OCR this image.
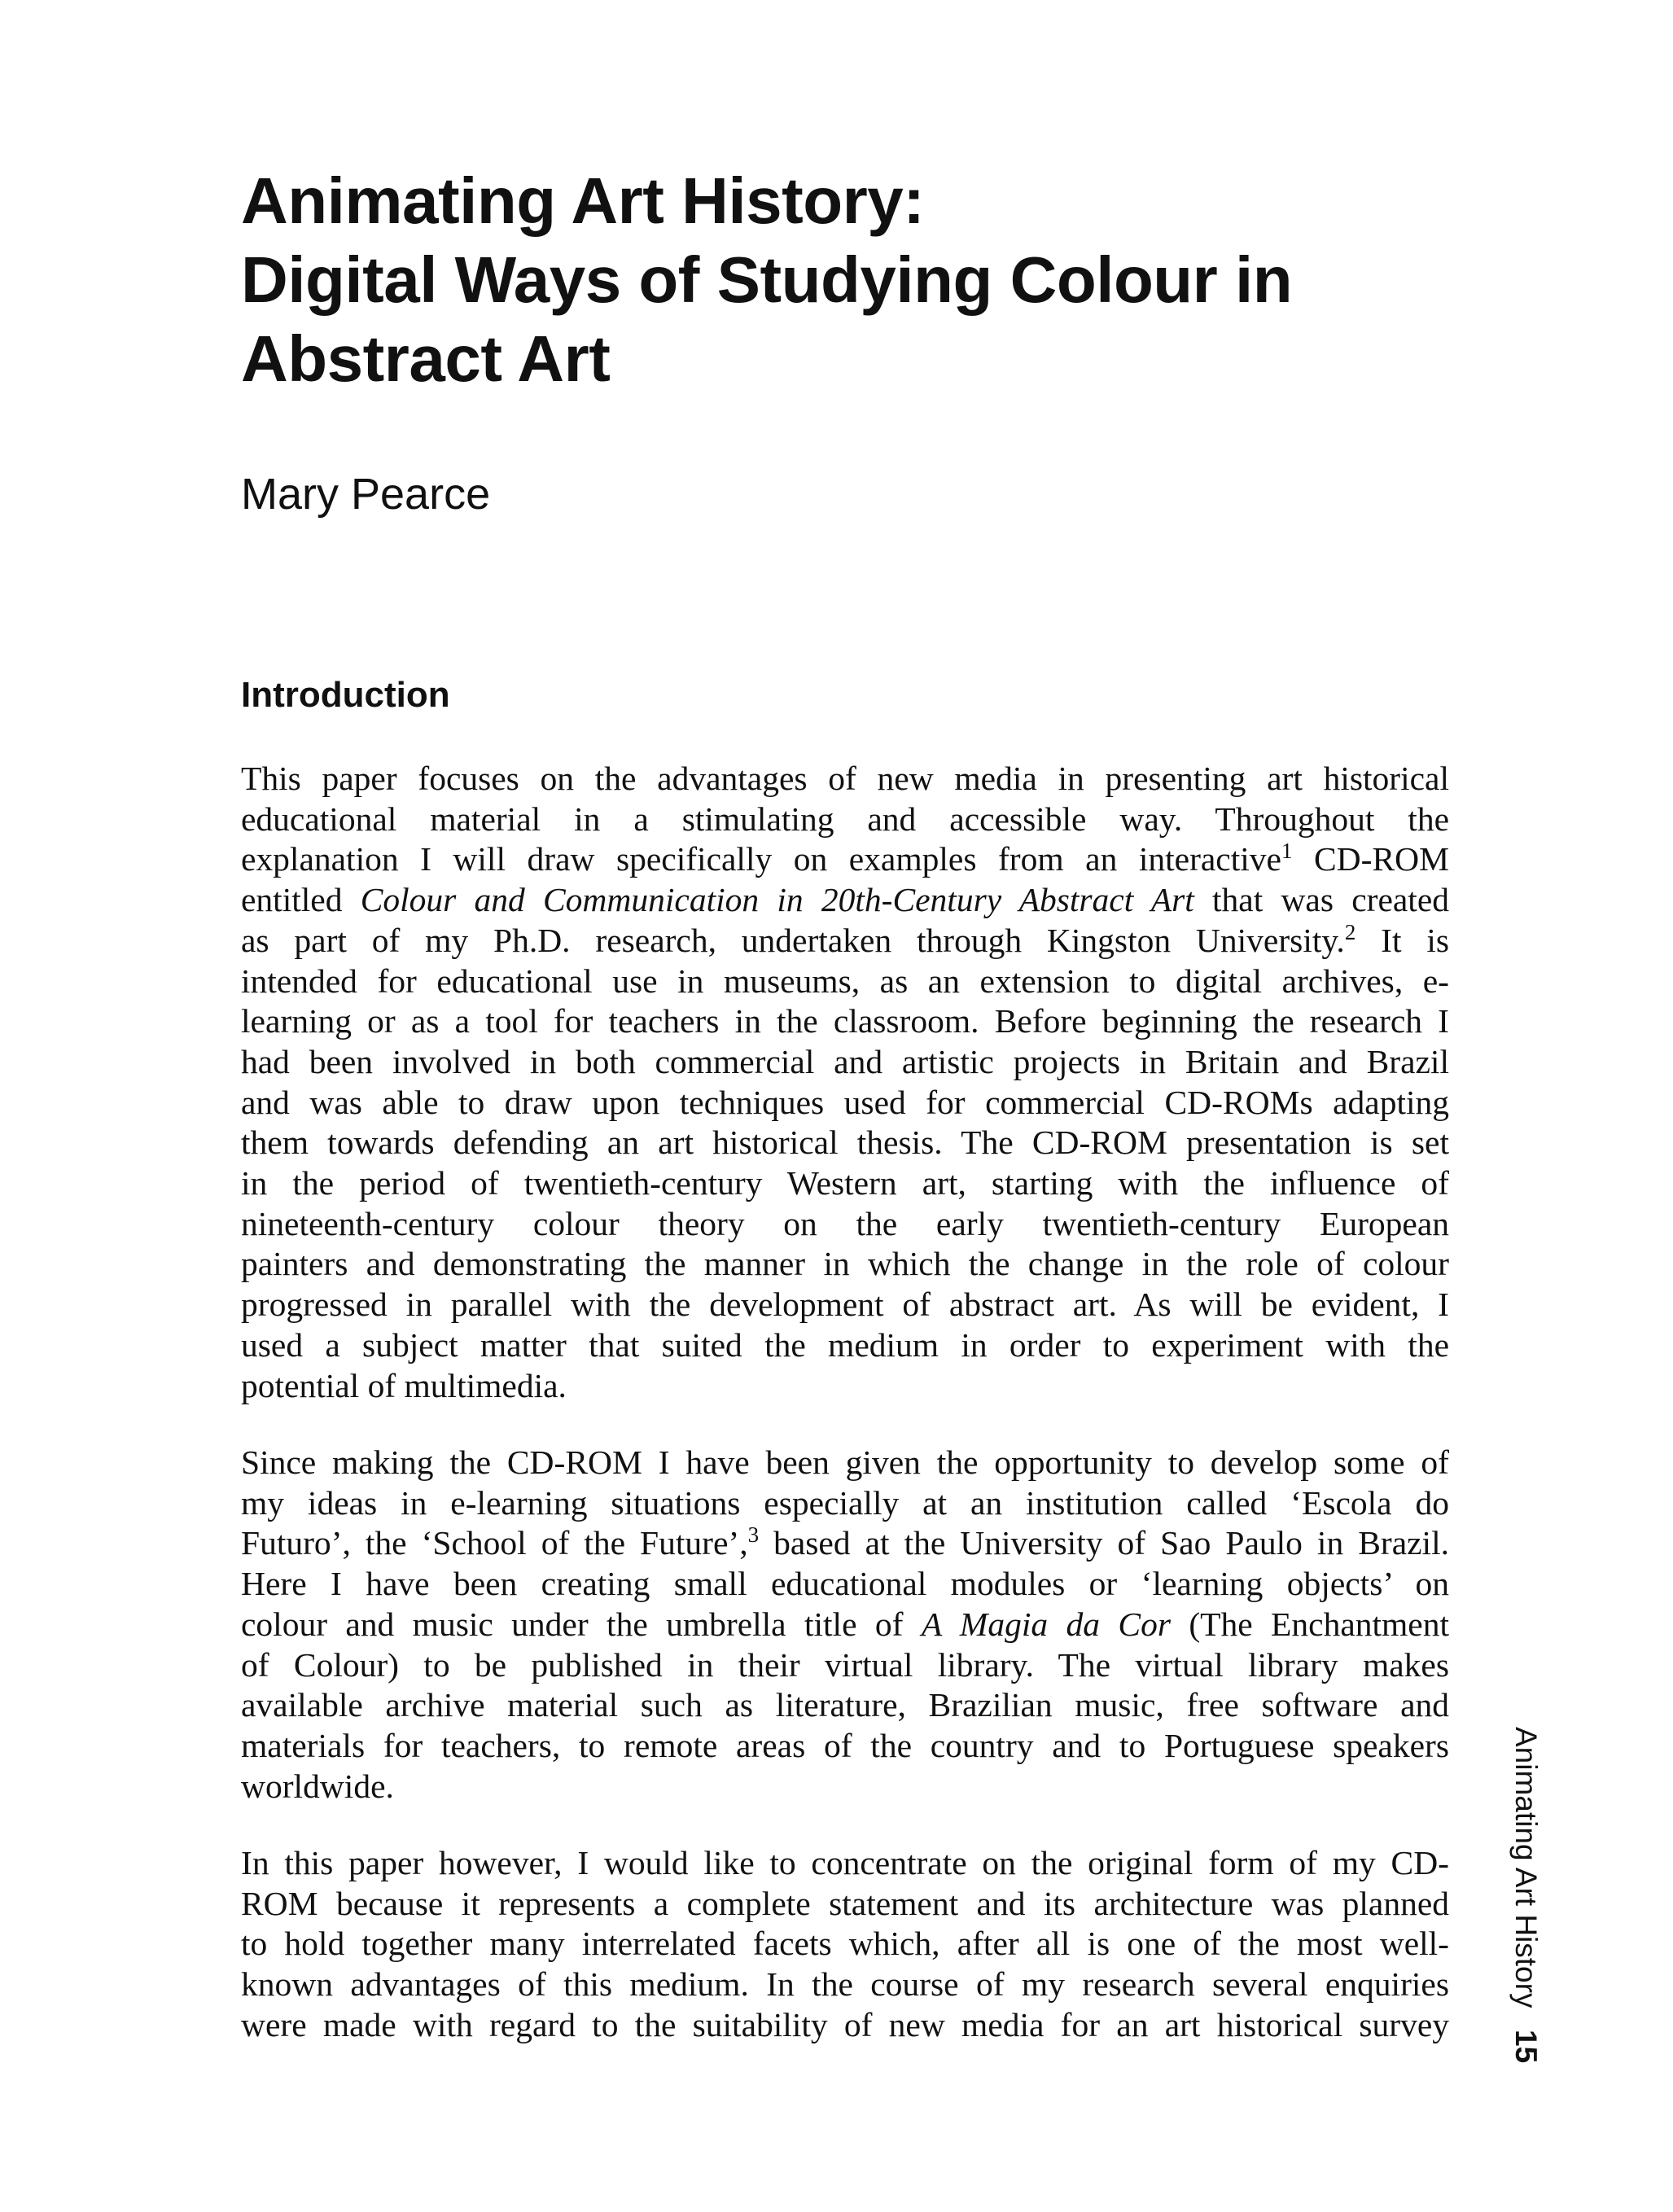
Animating Art History:
Digital Ways of Studying Colour in
Abstract Art

Mary Pearce

Introduction

This paper focuses on the advantages of new media in presenting art historical
educational material in a stimulating and accessible way. Throughout the
explanation I will draw specifically on examples from an interactive$^1$ CD-ROM
entitled Colour and Communication in 20th-Century Abstract Art that was created
as part of my Ph.D. research, undertaken through Kingston University.$^2$ It is
intended for educational use in museums, as an extension to digital archives, e-
learning or as a tool for teachers in the classroom. Before beginning the research I
had been involved in both commercial and artistic projects in Britain and Brazil
and was able to draw upon techniques used for commercial CD-ROMs adapting
them towards defending an art historical thesis. The CD-ROM presentation is set
in the period of twentieth-century Western art, starting with the influence of
nineteenth-century colour theory on the early twentieth-century European
painters and demonstrating the manner in which the change in the role of colour
progressed in parallel with the development of abstract art. As will be evident, I
used a subject matter that suited the medium in order to experiment with the
potential of multimedia.

Since making the CD-ROM I have been given the opportunity to develop some of
my ideas in e-learning situations especially at an institution called ‘Escola do
Futuro’, the ‘School of the Future’,$^3$ based at the University of Sao Paulo in Brazil.
Here I have been creating small educational modules or ‘learning objects’ on
colour and music under the umbrella title of A Magia da Cor (The Enchantment
of Colour) to be published in their virtual library. The virtual library makes
available archive material such as literature, Brazilian music, free software and
materials for teachers, to remote areas of the country and to Portuguese speakers
worldwide.

In this paper however, I would like to concentrate on the original form of my CD-
ROM because it represents a complete statement and its architecture was planned
to hold together many interrelated facets which, after all is one of the most well-
known advantages of this medium. In the course of my research several enquiries
were made with regard to the suitability of new media for an art historical survey

Animating Art History 15
